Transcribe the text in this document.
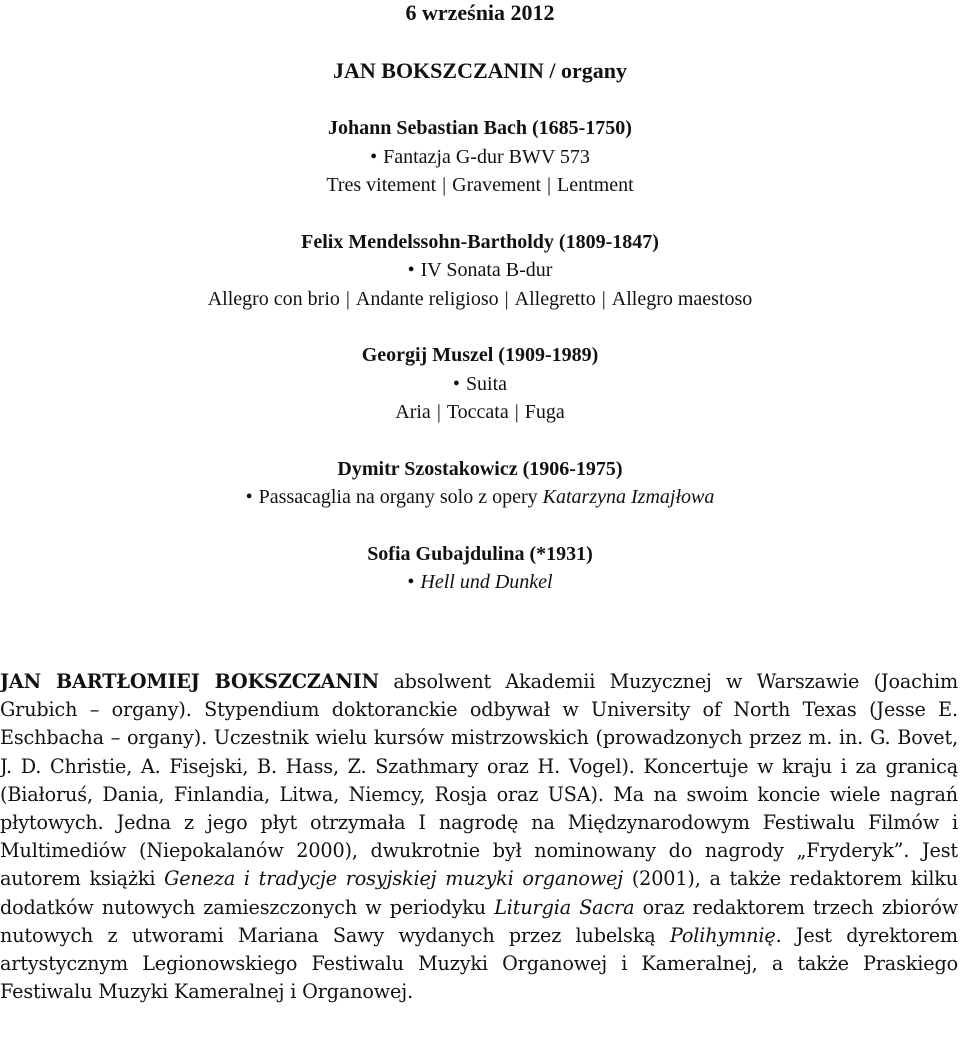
6 września 2012
JAN BOKSZCZANIN / organy
Johann Sebastian Bach (1685-1750)
• Fantazja G-dur BWV 573
Tres vitement | Gravement | Lentment
Felix Mendelssohn-Bartholdy (1809-1847)
• IV Sonata B-dur
Allegro con brio | Andante religioso | Allegretto | Allegro maestoso
Georgij Muszel (1909-1989)
• Suita
Aria | Toccata | Fuga
Dymitr Szostakowicz (1906-1975)
• Passacaglia na organy solo z opery Katarzyna Izmajłowa
Sofia Gubajdulina (*1931)
• Hell und Dunkel
JAN BARTŁOMIEJ BOKSZCZANIN absolwent Akademii Muzycznej w Warszawie (Joachim Grubich – organy). Stypendium doktoranckie odbywał w University of North Texas (Jesse E. Eschbacha – organy). Uczestnik wielu kursów mistrzowskich (prowadzonych przez m. in. G. Bovet, J. D. Christie, A. Fisejski, B. Hass, Z. Szathmary oraz H. Vogel). Koncertuje w kraju i za granicą (Białoruś, Dania, Finlandia, Litwa, Niemcy, Rosja oraz USA). Ma na swoim koncie wiele nagrań płytowych. Jedna z jego płyt otrzymała I nagrodę na Międzynarodowym Festiwalu Filmów i Multimediów (Niepokalanów 2000), dwukrotnie był nominowany do nagrody „Fryderyk”. Jest autorem książki Geneza i tradycje rosyjskiej muzyki organowej (2001), a także redaktorem kilku dodatków nutowych zamieszczonych w periodyku Liturgia Sacra oraz redaktorem trzech zbiorów nutowych z utworami Mariana Sawy wydanych przez lubelską Polihymnię. Jest dyrektorem artystycznym Legionowskiego Festiwalu Muzyki Organowej i Kameralnej, a także Praskiego Festiwalu Muzyki Kameralnej i Organowej.
